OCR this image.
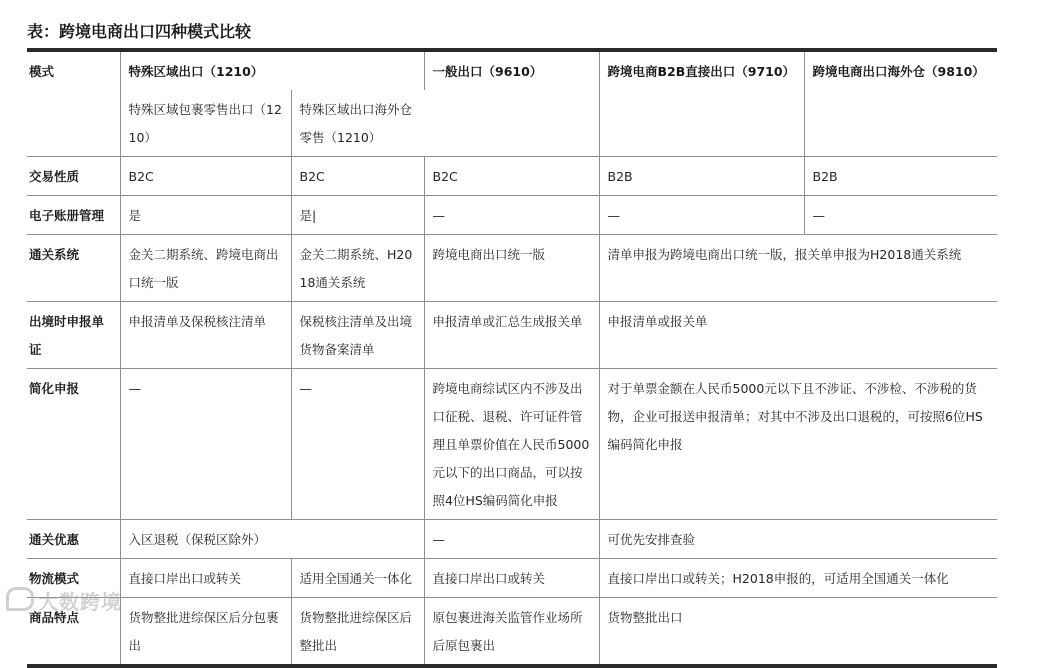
表：跨境电商出口四种模式比较
模式	特殊区域出口（1210）		一般出口（9610）	跨境电商B2B直接出口（9710）	跨境电商出口海外仓（9810）
	特殊区域包裹零售出口（1210）	特殊区域出口海外仓零售（1210）			
交易性质	B2C	B2C	B2C	B2B	B2B
电子账册管理	是	是|	—	—	—
通关系统	金关二期系统、跨境电商出口统一版	金关二期系统、H2018通关系统	跨境电商出口统一版	清单申报为跨境电商出口统一版，报关单申报为H2018通关系统	
出境时申报单证	申报清单及保税核注清单	保税核注清单及出境货物备案清单	申报清单或汇总生成报关单	申报清单或报关单	
简化申报	—	—	跨境电商综试区内不涉及出口征税、退税、许可证件管理且单票价值在人民币5000元以下的出口商品，可以按照4位HS编码简化申报	对于单票金额在人民币5000元以下且不涉证、不涉检、不涉税的货物，企业可报送申报清单；对其中不涉及出口退税的，可按照6位HS编码简化申报	
通关优惠	入区退税（保税区除外）		—	可优先安排查验	
物流模式	直接口岸出口或转关	适用全国通关一体化	直接口岸出口或转关	直接口岸出口或转关；H2018申报的，可适用全国通关一体化	
商品特点	货物整批进综保区后分包裹出	货物整批进综保区后整批出	原包裹进海关监管作业场所后原包裹出	货物整批出口	
大数跨境
